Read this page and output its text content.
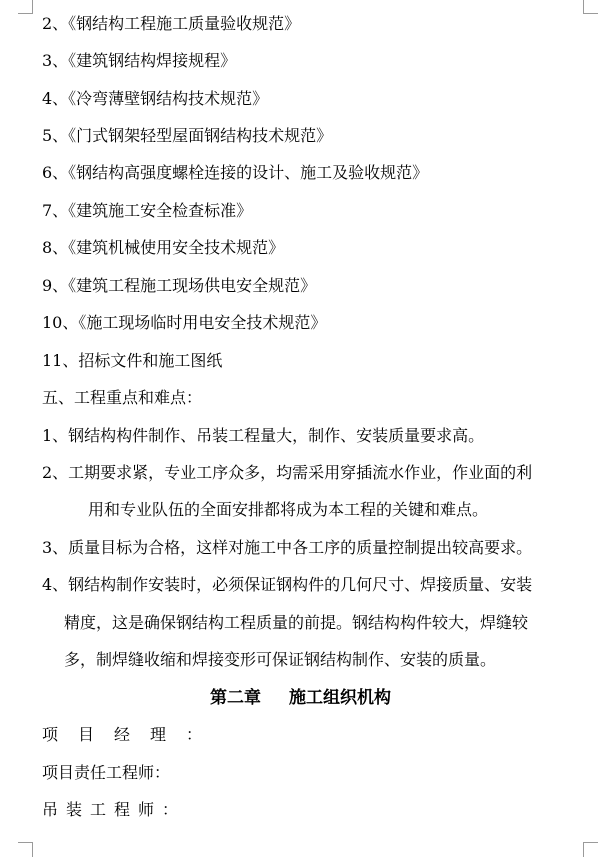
2、《钢结构工程施工质量验收规范》
3、《建筑钢结构焊接规程》
4、《冷弯薄壁钢结构技术规范》
5、《门式钢架轻型屋面钢结构技术规范》
6、《钢结构高强度螺栓连接的设计、施工及验收规范》
7、《建筑施工安全检查标准》
8、《建筑机械使用安全技术规范》
9、《建筑工程施工现场供电安全规范》
10、《施工现场临时用电安全技术规范》
11、招标文件和施工图纸
五、工程重点和难点：
1、钢结构构件制作、吊装工程量大，制作、安装质量要求高。
2、工期要求紧，专业工序众多，均需采用穿插流水作业，作业面的利
用和专业队伍的全面安排都将成为本工程的关键和难点。
3、质量目标为合格，这样对施工中各工序的质量控制提出较高要求。
4、钢结构制作安装时，必须保证钢构件的几何尺寸、焊接质量、安装
精度，这是确保钢结构工程质量的前提。钢结构构件较大，焊缝较
多，制焊缝收缩和焊接变形可保证钢结构制作、安装的质量。
第二章 施工组织机构
项目经理：
项目责任工程师：
吊装工程师：
